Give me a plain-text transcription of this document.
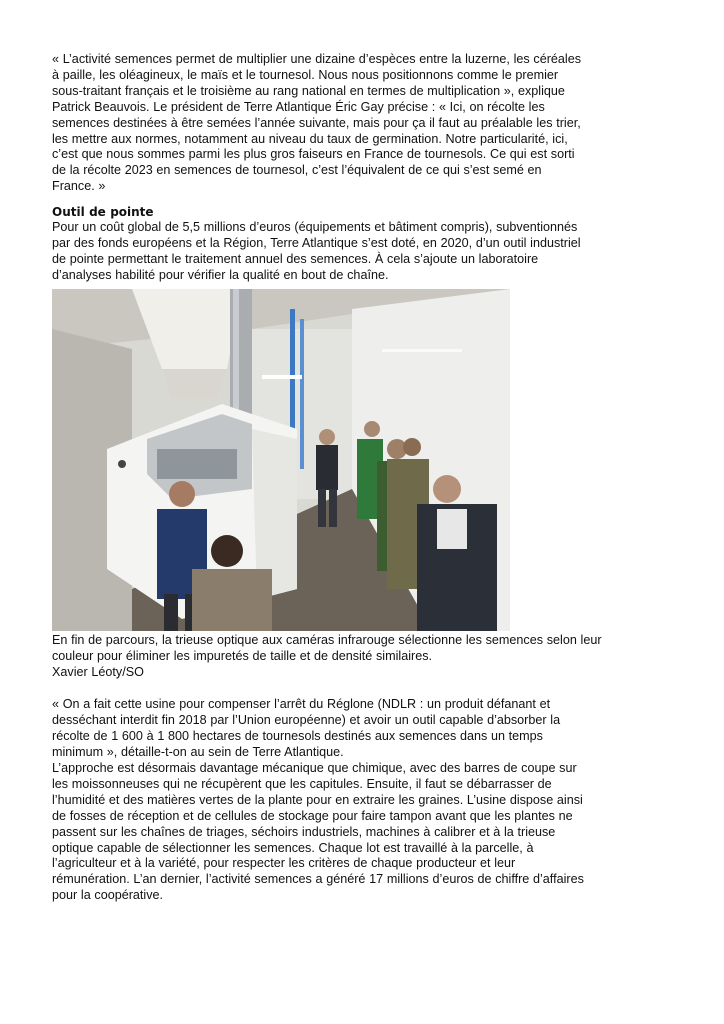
« L’activité semences permet de multiplier une dizaine d’espèces entre la luzerne, les céréales
à paille, les oléagineux, le maïs et le tournesol. Nous nous positionnons comme le premier
sous-traitant français et le troisième au rang national en termes de multiplication », explique
Patrick Beauvois. Le président de Terre Atlantique Éric Gay précise : « Ici, on récolte les
semences destinées à être semées l’année suivante, mais pour ça il faut au préalable les trier,
les mettre aux normes, notamment au niveau du taux de germination. Notre particularité, ici,
c’est que nous sommes parmi les plus gros faiseurs en France de tournesols. Ce qui est sorti
de la récolte 2023 en semences de tournesol, c’est l’équivalent de ce qui s’est semé en
France. »

Outil de pointe

Pour un coût global de 5,5 millions d’euros (équipements et bâtiment compris), subventionnés
par des fonds européens et la Région, Terre Atlantique s’est doté, en 2020, d’un outil industriel
de pointe permettant le traitement annuel des semences. À cela s’ajoute un laboratoire
d’analyses habilité pour vérifier la qualité en bout de chaîne.

En fin de parcours, la trieuse optique aux caméras infrarouge sélectionne les semences selon leur
couleur pour éliminer les impuretés de taille et de densité similaires.

Xavier Léoty/SO

« On a fait cette usine pour compenser l’arrêt du Réglone (NDLR : un produit défanant et
desséchant interdit fin 2018 par l’Union européenne) et avoir un outil capable d’absorber la
récolte de 1 600 à 1 800 hectares de tournesols destinés aux semences dans un temps
minimum », détaille-t-on au sein de Terre Atlantique.

L’approche est désormais davantage mécanique que chimique, avec des barres de coupe sur
les moissonneuses qui ne récupèrent que les capitules. Ensuite, il faut se débarrasser de
l’humidité et des matières vertes de la plante pour en extraire les graines. L’usine dispose ainsi
de fosses de réception et de cellules de stockage pour faire tampon avant que les plantes ne
passent sur les chaînes de triages, séchoirs industriels, machines à calibrer et à la trieuse
optique capable de sélectionner les semences. Chaque lot est travaillé à la parcelle, à
l’agriculteur et à la variété, pour respecter les critères de chaque producteur et leur
rémunération. L’an dernier, l’activité semences a généré 17 millions d’euros de chiffre d’affaires
pour la coopérative.
